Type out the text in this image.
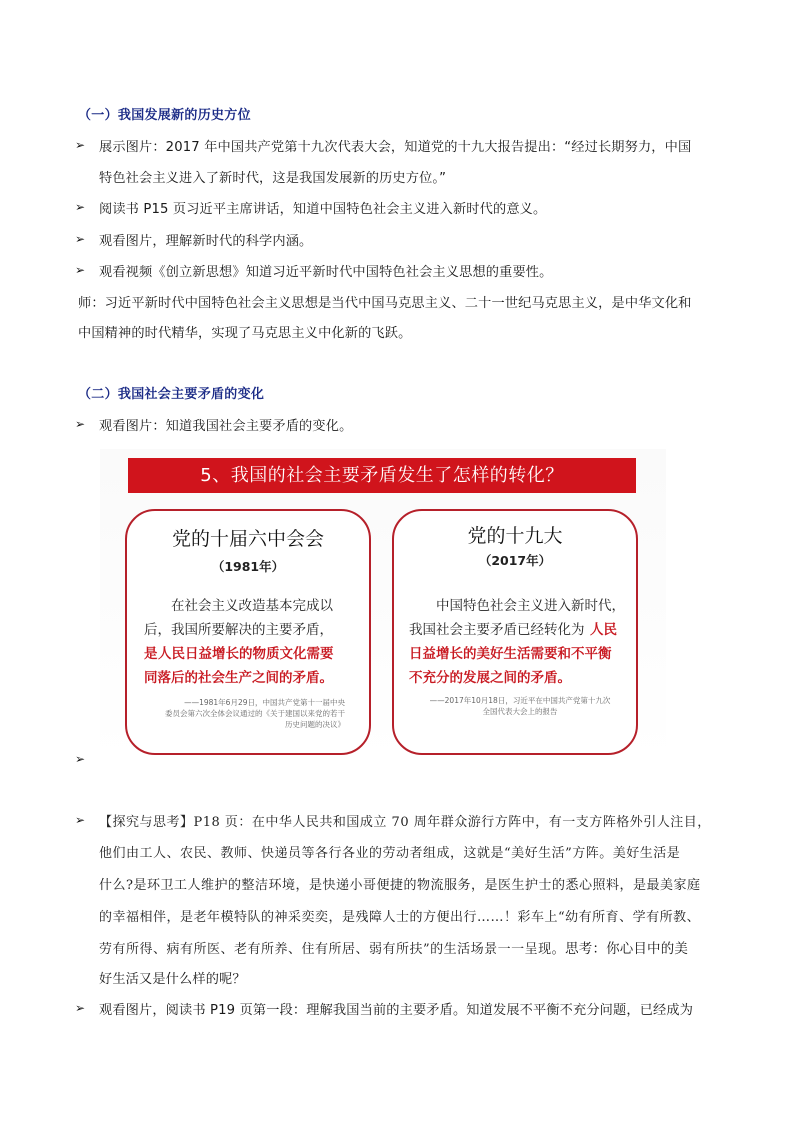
（一）我国发展新的历史方位
➢ 展示图片：2017 年中国共产党第十九次代表大会，知道党的十九大报告提出：“经过长期努力，中国
特色社会主义进入了新时代，这是我国发展新的历史方位。”
➢ 阅读书 P15 页习近平主席讲话，知道中国特色社会主义进入新时代的意义。
➢ 观看图片，理解新时代的科学内涵。
➢ 观看视频《创立新思想》知道习近平新时代中国特色社会主义思想的重要性。
师：习近平新时代中国特色社会主义思想是当代中国马克思主义、二十一世纪马克思主义，是中华文化和
中国精神的时代精华，实现了马克思主义中化新的飞跃。
（二）我国社会主要矛盾的变化
➢ 观看图片：知道我国社会主要矛盾的变化。
5、我国的社会主要矛盾发生了怎样的转化？
党的十届六中会会
（1981年）
在社会主义改造基本完成以
后，我国所要解决的主要矛盾，
是 人民日益增长的物质文化需要
同落后的社会生产之间的矛盾。
——1981年6月29日，中国共产党第十一届中央
委员会第六次全体会议通过的《关于建国以来党的若干
历史问题的决议》
党的十九大
（2017年）
中国特色社会主义进入新时代，
我国社会主要矛盾已经转化为 人民
日益增长的美好生活需要和不平衡
不充分的发展之间的矛盾。
——2017年10月18日，习近平在中国共产党第十九次
全国代表大会上的报告
➢
➢ 【探究与思考】P18 页：在中华人民共和国成立 70 周年群众游行方阵中，有一支方阵格外引人注目，
他们由工人、农民、教师、快递员等各行各业的劳动者组成，这就是“美好生活”方阵。美好生活是
什么?是环卫工人维护的整洁环境，是快递小哥便捷的物流服务，是医生护士的悉心照料，是最美家庭
的幸福相伴，是老年模特队的神采奕奕，是残障人士的方便出行……！彩车上“幼有所育、学有所教、
劳有所得、病有所医、老有所养、住有所居、弱有所扶”的生活场景一一呈现。思考：你心目中的美
好生活又是什么样的呢？
➢ 观看图片，阅读书 P19 页第一段：理解我国当前的主要矛盾。知道发展不平衡不充分问题，已经成为
